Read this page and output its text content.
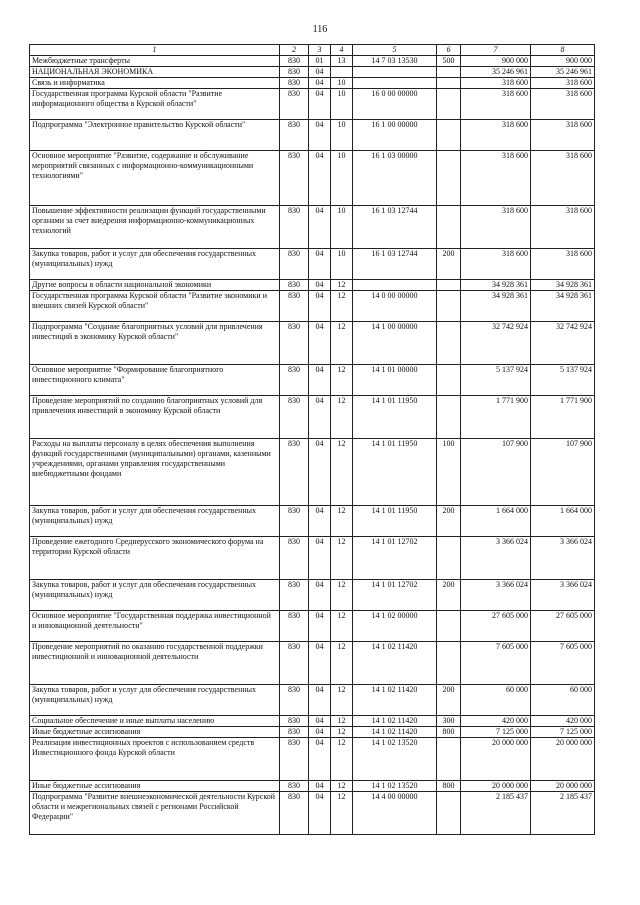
116
1	2	3	4	5	6	7	8
Межбюджетные трансферты	830	01	13	14 7 03 13530	500	900 000	900 000
НАЦИОНАЛЬНАЯ ЭКОНОМИКА	830	04				35 246 961	35 246 961
Связь и информатика	830	04	10			318 600	318 600
Государственная программа Курской области "Развитие информационного общества в Курской области"	830	04	10	16 0 00 00000		318 600	318 600
Подпрограмма "Электронное правительство Курской области"	830	04	10	16 1 00 00000		318 600	318 600
Основное мероприятие "Развитие, содержание и обслуживание мероприятий связанных с информационно-коммуникационными технологиями"	830	04	10	16 1 03 00000		318 600	318 600
Повышение эффективности реализации функций государственными органами за счет внедрения информационно-коммуникационных технологий	830	04	10	16 1 03 12744		318 600	318 600
Закупка товаров, работ и услуг для обеспечения государственных (муниципальных) нужд	830	04	10	16 1 03 12744	200	318 600	318 600
Другие вопросы в области национальной экономики	830	04	12			34 928 361	34 928 361
Государственная программа Курской области "Развитие экономики и внешних связей Курской области"	830	04	12	14 0 00 00000		34 928 361	34 928 361
Подпрограмма "Создание благоприятных условий для привлечения инвестиций в экономику Курской области"	830	04	12	14 1 00 00000		32 742 924	32 742 924
Основное мероприятие "Формирование благоприятного инвестиционного климата"	830	04	12	14 1 01 00000		5 137 924	5 137 924
Проведение мероприятий по созданию благоприятных условий для привлечения инвестиций в экономику Курской области	830	04	12	14 1 01 11950		1 771 900	1 771 900
Расходы на выплаты персоналу в целях обеспечения выполнения функций государственными (муниципальными) органами, казенными учреждениями, органами управления государственными внебюджетными фондами	830	04	12	14 1 01 11950	100	107 900	107 900
Закупка товаров, работ и услуг для обеспечения государственных (муниципальных) нужд	830	04	12	14 1 01 11950	200	1 664 000	1 664 000
Проведение ежегодного Среднерусского экономического форума на территории Курской области	830	04	12	14 1 01 12702		3 366 024	3 366 024
Закупка товаров, работ и услуг для обеспечения государственных (муниципальных) нужд	830	04	12	14 1 01 12702	200	3 366 024	3 366 024
Основное мероприятие "Государственная поддержка инвестиционной и инновационной деятельности"	830	04	12	14 1 02 00000		27 605 000	27 605 000
Проведение мероприятий по оказанию государственной поддержки инвестиционной и инновационной деятельности	830	04	12	14 1 02 11420		7 605 000	7 605 000
Закупка товаров, работ и услуг для обеспечения государственных (муниципальных) нужд	830	04	12	14 1 02 11420	200	60 000	60 000
Социальное обеспечение и иные выплаты населению	830	04	12	14 1 02 11420	300	420 000	420 000
Иные бюджетные ассигнования	830	04	12	14 1 02 11420	800	7 125 000	7 125 000
Реализация инвестиционных проектов с использованием средств Инвестиционного фонда Курской области	830	04	12	14 1 02 13520		20 000 000	20 000 000
Иные бюджетные ассигнования	830	04	12	14 1 02 13520	800	20 000 000	20 000 000
Подпрограмма "Развитие внешнеэкономической деятельности Курской области и межрегиональных связей с регионами Российской Федерации"	830	04	12	14 4 00 00000		2 185 437	2 185 437
